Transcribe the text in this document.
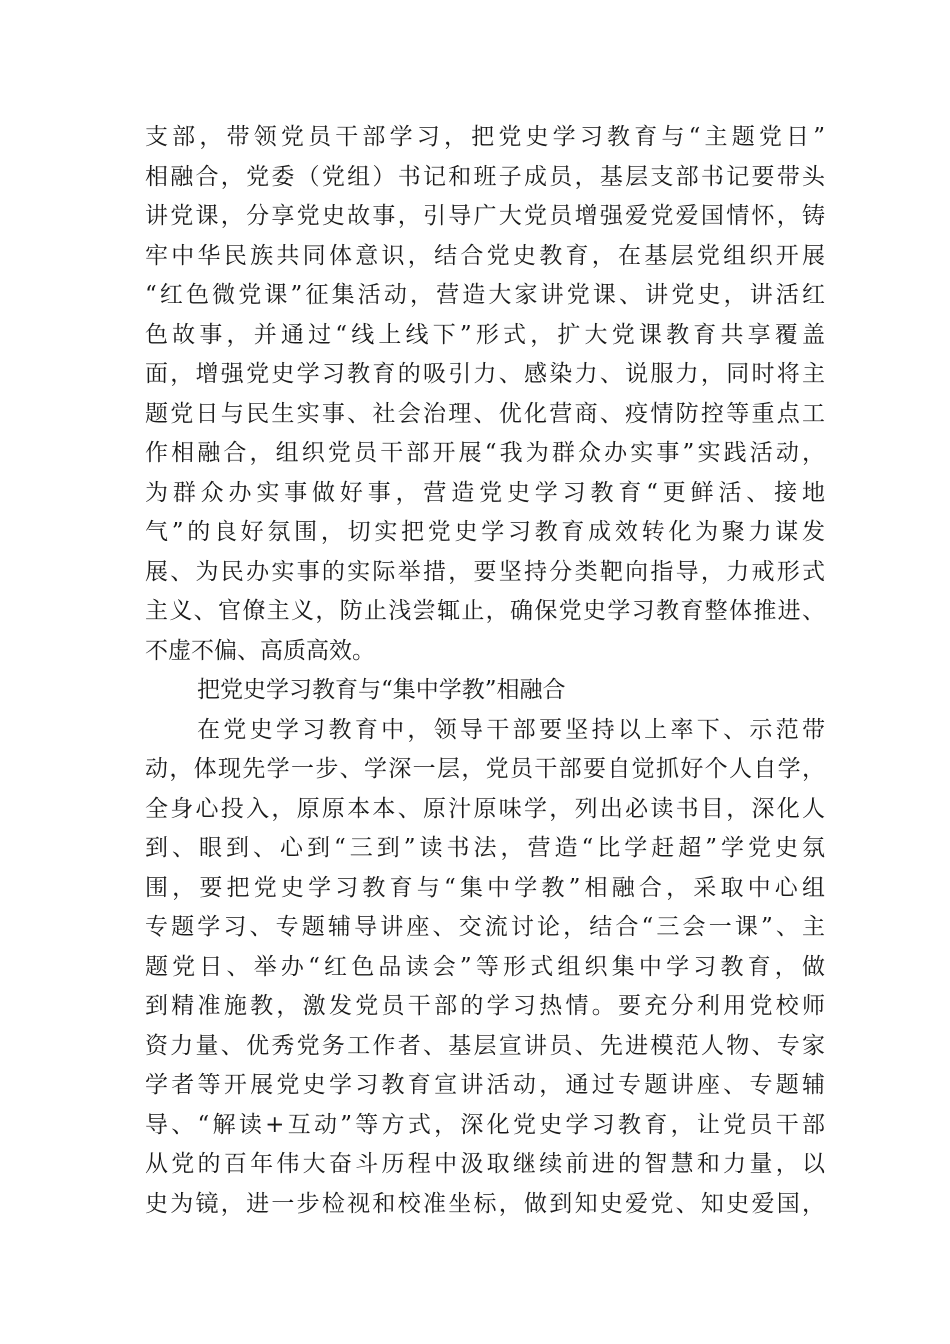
支部，带领党员干部学习，把党史学习教育与“主题党日”
相融合，党委（党组）书记和班子成员，基层支部书记要带头
讲党课，分享党史故事，引导广大党员增强爱党爱国情怀，铸
牢中华民族共同体意识，结合党史教育，在基层党组织开展
“红色微党课”征集活动，营造大家讲党课、讲党史，讲活红
色故事，并通过“线上线下”形式，扩大党课教育共享覆盖
面，增强党史学习教育的吸引力、感染力、说服力，同时将主
题党日与民生实事、社会治理、优化营商、疫情防控等重点工
作相融合，组织党员干部开展“我为群众办实事”实践活动，
为群众办实事做好事，营造党史学习教育“更鲜活、接地
气”的良好氛围，切实把党史学习教育成效转化为聚力谋发
展、为民办实事的实际举措，要坚持分类靶向指导，力戒形式
主义、官僚主义，防止浅尝辄止，确保党史学习教育整体推进、
不虚不偏、高质高效。
把党史学习教育与“集中学教”相融合
在党史学习教育中，领导干部要坚持以上率下、示范带
动，体现先学一步、学深一层，党员干部要自觉抓好个人自学，
全身心投入，原原本本、原汁原味学，列出必读书目，深化人
到、眼到、心到“三到”读书法，营造“比学赶超”学党史氛
围，要把党史学习教育与“集中学教”相融合，采取中心组
专题学习、专题辅导讲座、交流讨论，结合“三会一课”、主
题党日、举办“红色品读会”等形式组织集中学习教育，做
到精准施教，激发党员干部的学习热情。要充分利用党校师
资力量、优秀党务工作者、基层宣讲员、先进模范人物、专家
学者等开展党史学习教育宣讲活动，通过专题讲座、专题辅
导、“解读+互动”等方式，深化党史学习教育，让党员干部
从党的百年伟大奋斗历程中汲取继续前进的智慧和力量，以
史为镜，进一步检视和校准坐标，做到知史爱党、知史爱国，
